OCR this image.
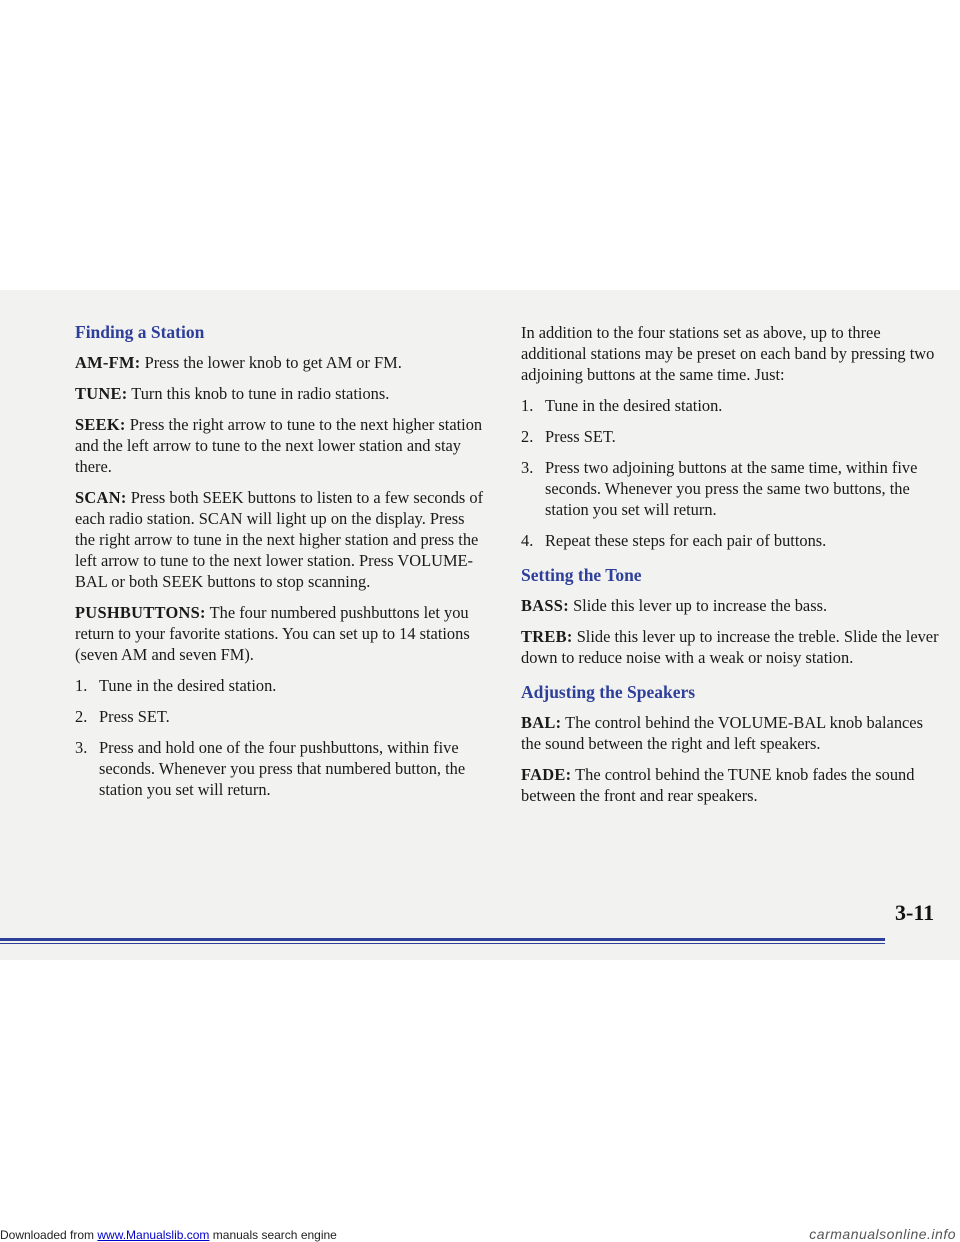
Finding a Station

AM-FM: Press the lower knob to get AM or FM.

TUNE: Turn this knob to tune in radio stations.

SEEK: Press the right arrow to tune to the next higher station and the left arrow to tune to the next lower station and stay there.

SCAN: Press both SEEK buttons to listen to a few seconds of each radio station. SCAN will light up on the display. Press the right arrow to tune in the next higher station and press the left arrow to tune to the next lower station. Press VOLUME-BAL or both SEEK buttons to stop scanning.

PUSHBUTTONS: The four numbered pushbuttons let you return to your favorite stations. You can set up to 14 stations (seven AM and seven FM).

1. Tune in the desired station.
2. Press SET.
3. Press and hold one of the four pushbuttons, within five seconds. Whenever you press that numbered button, the station you set will return.

In addition to the four stations set as above, up to three additional stations may be preset on each band by pressing two adjoining buttons at the same time. Just:

1. Tune in the desired station.
2. Press SET.
3. Press two adjoining buttons at the same time, within five seconds. Whenever you press the same two buttons, the station you set will return.
4. Repeat these steps for each pair of buttons.
Setting the Tone

BASS: Slide this lever up to increase the bass.

TREB: Slide this lever up to increase the treble. Slide the lever down to reduce noise with a weak or noisy station.

Adjusting the Speakers

BAL: The control behind the VOLUME-BAL knob balances the sound between the right and left speakers.

FADE: The control behind the TUNE knob fades the sound between the front and rear speakers.

3-11
Downloaded from www.Manualslib.com manuals search engine	carmanualsonline.info
